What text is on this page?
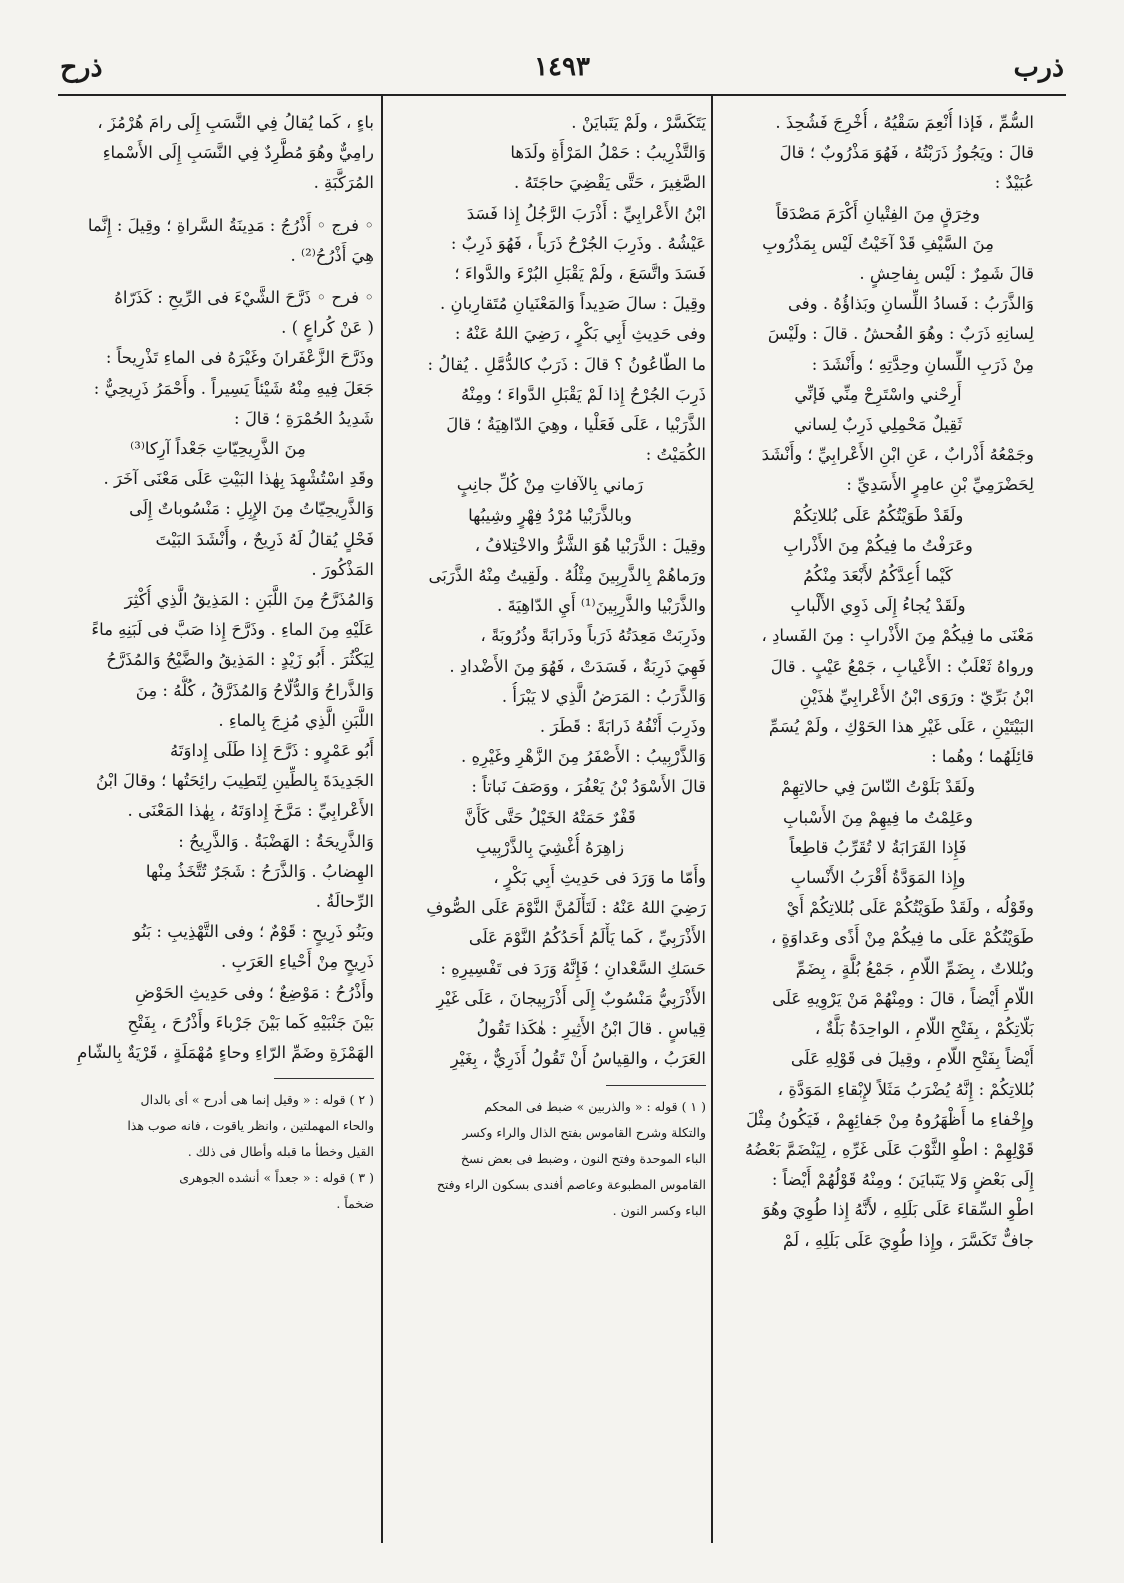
ذرب
١٤٩٣
ذرح
السُّمِّ ، فَإذا أُنْعِمَ سَقْيُهُ ، أُخْرِجَ فَشُحِذَ .
قالَ : ويَجُوزُ ذَرَبْتُهُ ، فَهُوَ مَذْرُوبٌ ؛ قالَ
عُبَيْدٌ :
وخِرَقٍ مِنَ الفِتْيانِ أَكْرَمَ مَصْدَقاً
مِنَ السَّيْفِ قَدْ آخَيْتُ لَيْس بِمَذْرُوبِ
قالَ شَمِرٌ : لَيْس بِفاحِشٍ .
وَالذَّرَبُ : فَسادُ اللِّسانِ وبَذاؤُهُ . وفى
لِسانِهِ ذَرَبٌ : وهُوَ الفُحشُ . قالَ : ولَيْسَ
مِنْ ذَرَبِ اللِّسانِ وحِدَّتِهِ ؛ وأَنْشَدَ :
أَرِحْني واسْتَرِحْ مِنِّي فَإنِّي
ثَقِيلٌ مَحْمِلِي ذَرِبٌ لِساني
وجَمْعُهُ أَذْرابٌ ، عَنِ ابْنِ الأَعْرابِيِّ ؛ وأَنْشَدَ
لِحَضْرَمِيِّ بْنِ عامِرٍ الأَسَدِيِّ :
ولَقَدْ طَوَيْتُكُمُ عَلَى بُللاتِكُمْ
وعَرَفْتُ ما فِيكُمْ مِنَ الأَذْرابِ
كَيْما أُعِدَّكُمُ لأَبْعَدَ مِنْكُمُ
ولَقَدْ يُجاءُ إِلَى ذَوِي الأَلْبابِ
مَعْنَى ما فِيكُمْ مِنَ الأَذْرابِ : مِنَ الفَسادِ ،
ورواهُ ثَعْلَبٌ : الأَعْيابِ ، جَمْعُ عَيْبٍ . قالَ
ابْنُ بَرِّيّ : ورَوَى ابْنُ الأَعْرابِيِّ هٰذَيْنِ
البَيْتَيْنِ ، عَلَى غَيْرِ هذا الحَوْكِ ، ولَمْ يُسَمِّ
قائِلَهُما ؛ وهُما :
ولَقَدْ بَلَوْتُ النّاسَ فِي حالاتِهِمْ
وعَلِمْتُ ما فِيهِمْ مِنَ الأَسْبابِ
فَإِذا القَرَابَةُ لا تُقَرِّبُ قاطِعاً
وإِذا المَوَدَّةُ أَقْرَبُ الأَنْسابِ
وقَوْلُه ، ولَقَدْ طَوَيْتُكُمْ عَلَى بُللاتِكُمْ أَيْ
طَوَيْتُكُمْ عَلَى ما فِيكُمْ مِنْ أَذًى وعَداوَةٍ ،
وبُللاتٌ ، بِضَمِّ اللّامِ ، جَمْعُ بُلَّةٍ ، بِضَمِّ
اللّامِ أَيْضاً ، قالَ : ومِنْهُمْ مَنْ يَرْوِيهِ عَلَى
بَلّاتِكُمْ ، بِفَتْحِ اللّامِ ، الواحِدَةُ بَلَّةٌ ،
أَيْضاً بِفَتْحِ اللّامِ ، وقِيلَ فى قَوْلِهِ عَلَى
بُللاتِكُمْ : إِنَّهُ يُضْرَبُ مَثَلاً لإِبْقاءِ المَوَدَّةِ ،
وإِخْفاءِ ما أَظْهَرُوهُ مِنْ جَفائِهِمْ ، فَيَكُونُ مِثْلَ
قَوْلِهِمْ : اطْوِ الثَّوْبَ عَلَى غَرِّهِ ، لِيَنْضَمَّ بَعْضُهُ
إِلَى بَعْضٍ وَلا يَتَبايَنَ ؛ ومِنْهُ قَوْلُهُمْ أَيْضاً :
اطْوِ السِّقاءَ عَلَى بَلَلِهِ ، لأَنَّهُ إِذا طُوِيَ وهُوَ
جافٌّ تَكَسَّرَ ، وإِذا طُوِيَ عَلَى بَلَلِهِ ، لَمْ
يَتَكَسَّرْ ، ولَمْ يَتَبايَنْ .
وَالتَّذْرِيبُ : حَمْلُ المَرْأَةِ ولَدَها
الصَّغِيرَ ، حَتَّى يَقْضِيَ حاجَتَهُ .
ابْنُ الأَعْرابِيِّ : أَذْرَبَ الرَّجُلُ إِذا فَسَدَ
عَيْشُهُ . وذَرِبَ الجُرْحُ ذَرَباً ، فَهُوَ ذَرِبٌ :
فَسَدَ واتَّسَعَ ، ولَمْ يَقْبَلِ البُرْءَ والدَّواءَ ؛
وقِيلَ : سالَ صَدِيداً وَالمَعْنَيانِ مُتَقارِبانِ .
وفى حَدِيثِ أَبِي بَكْرٍ ، رَضِيَ اللهُ عَنْهُ :
ما الطّاعُونُ ؟ قالَ : ذَرَبٌ كالدُّمَّلِ . يُقالُ :
ذَرِبَ الجُرْحُ إِذا لَمْ يَقْبَلِ الدَّواءَ ؛ ومِنْهُ
الذَّرَبْيا ، عَلَى فَعَلْيا ، وهِيَ الدّاهِيَةُ ؛ قالَ
الكُمَيْتُ :
رَماني بِالآفاتِ مِنْ كُلِّ جانِبٍ
وبالذَّرَبْيا مُرْدُ فِهْرٍ وشِيبُها
وقِيلَ : الذَّرَبْيا هُوَ الشَّرُّ والاخْتِلافُ ،
ورَماهُمْ بِالذَّرِبِينَ مِثْلُهُ . ولَقِيتُ مِنْهُ الذَّرَبَى
والذَّرَبْيا والذَّرِبِينَ⁽¹⁾ أَيِ الدّاهِيَةَ .
وذَرِبَتْ مَعِدَتُهُ ذَرَباً وذَرابَةً وذُرُوبَةً ،
فَهِيَ ذَرِبَةٌ ، فَسَدَتْ ، فَهُوَ مِنَ الأَضْدادِ .
وَالذَّرَبُ : المَرَضُ الَّذِي لا يَبْرَأُ .
وذَرِبَ أَنْفُهُ ذَرابَةً : قَطَرَ .
وَالذَّرْبِيبُ : الأَصْفَرُ مِنَ الزَّهْرِ وغَيْرِهِ .
قالَ الأَسْوَدُ بْنُ يَعْفُرَ ، ووَصَفَ نَباتاً :
قَفْرٌ حَمَتْهُ الخَيْلُ حَتَّى كَأَنَّ
زاهِرَهُ أُغْشِيَ بِالذَّرْبِيبِ
وأَمّا ما وَرَدَ فى حَدِيثِ أَبِي بَكْرٍ ،
رَضِيَ اللهُ عَنْهُ : لَتَأْلَمُنَّ النَّوْمَ عَلَى الصُّوفِ
الأَذْرَبِيِّ ، كَما يَأْلَمُ أَحَدُكُمُ النَّوْمَ عَلَى
حَسَكِ السَّعْدانِ ؛ فَإِنَّهُ وَرَدَ فى تَفْسِيرِهِ :
الأَذْرَبِيُّ مَنْسُوبٌ إِلَى أَذْرَبِيجانَ ، عَلَى غَيْرِ
قِياسٍ . قالَ ابْنُ الأَثِيرِ : هٰكَذا تَقُولُ
العَرَبُ ، والقِياسُ أَنْ تَقُولُ أَذَرِيٌّ ، بِغَيْرِ
( ١ ) قوله : « والذربين » ضبط فى المحكم
والتكلة وشرح القاموس بفتح الذال والراء وكسر
الباء الموحدة وفتح النون ، وضبط فى بعض نسخ
القاموس المطبوعة وعاصم أفندى بسكون الراء وفتح
الباء وكسر النون .
باءٍ ، كَما يُقالُ فِي النَّسَبِ إِلَى رامَ هُرْمُزَ ،
رامِيٌّ وهُوَ مُطَّرِدٌ فِي النَّسَبِ إِلَى الأَسْماءِ
المُرَكَّبَةِ .
◦ فرج ◦ أَذْرُجُ : مَدِينَةُ السَّراةِ ؛ وقِيلَ : إِنَّما
هِيَ أَذْرُحُ⁽²⁾ .
◦ فرح ◦ ذَرَّحَ الشَّيْءَ فى الرِّيحِ : كَذَرّاهُ
( عَنْ كُراعٍ ) .
وذَرَّحَ الزَّعْفَرانَ وغَيْرَهُ فى الماءِ تَذْرِيحاً :
جَعَلَ فِيهِ مِنْهُ شَيْئاً يَسِيراً . وأَحْمَرُ ذَرِيحِيٌّ :
شَدِيدُ الحُمْرَةِ ؛ قالَ :
مِنَ الذَّرِيحِيّاتِ جَعْداً آرِكا⁽³⁾
وقَدِ اسْتُشْهِدَ بِهٰذا البَيْتِ عَلَى مَعْنَى آخَرَ .
وَالذَّرِيحِيّاتُ مِنَ الإِبِلِ : مَنْسُوباتٌ إِلَى
فَحْلٍ يُقالُ لَهُ ذَرِيحٌ ، وأَنْشَدَ البَيْتَ
المَذْكُورَ .
وَالمُذَرَّحُ مِنَ اللَّبَنِ : المَذِيقُ الَّذِي أُكْثِرَ
عَلَيْهِ مِنَ الماءِ . وذَرَّحَ إِذا صَبَّ فى لَبَنِهِ ماءً
لِيَكْثُرَ . أَبُو زَيْدٍ : المَذِيقُ والضَّيْحُ وَالمُذَرَّحُ
وَالذَّراحُ وَالدُّلّاحُ وَالمُذَرَّقُ ، كُلُّهُ : مِنَ
اللَّبَنِ الَّذِي مُزِجَ بِالماءِ .
أَبُو عَمْرٍو : ذَرَّحَ إِذا طَلَى إِداوَتَهُ
الجَدِيدَةَ بِالطِّينِ لِتَطِيبَ رائِحَتُها ؛ وقالَ ابْنُ
الأَعْرابِيِّ : مَرَّخَ إِداوَتَهُ ، بِهٰذا المَعْنَى .
وَالذَّرِيحَةُ : الهَضْبَةُ . وَالذَّرِيحُ :
الهِضابُ . وَالذَّرَحُ : شَجَرٌ تُتَّخَذُ مِنْها
الرِّحالَةُ .
وبَنُو ذَرِيحٍ : قَوْمٌ ؛ وفى التَّهْذِيبِ : بَنُو
ذَرِيحٍ مِنْ أَحْياءِ العَرَبِ .
وأَذْرُحُ : مَوْضِعٌ ؛ وفى حَدِيثِ الحَوْضِ
بَيْنَ جَنْبَيْهِ كَما بَيْنَ جَرْباءَ وأَذْرُحَ ، بِفَتْحِ
الهَمْزَةِ وضَمِّ الرّاءِ وحاءٍ مُهْمَلَةٍ ، قَرْيَةٌ بِالشّامِ
( ٢ ) قوله : « وقيل إنما هى أدرح » أى بالدال
والحاء المهملتين ، وانظر ياقوت ، فانه صوب هذا
القيل وخطأ ما قبله وأطال فى ذلك .
( ٣ ) قوله : « جعداً » أنشده الجوهرى
ضخماً .
